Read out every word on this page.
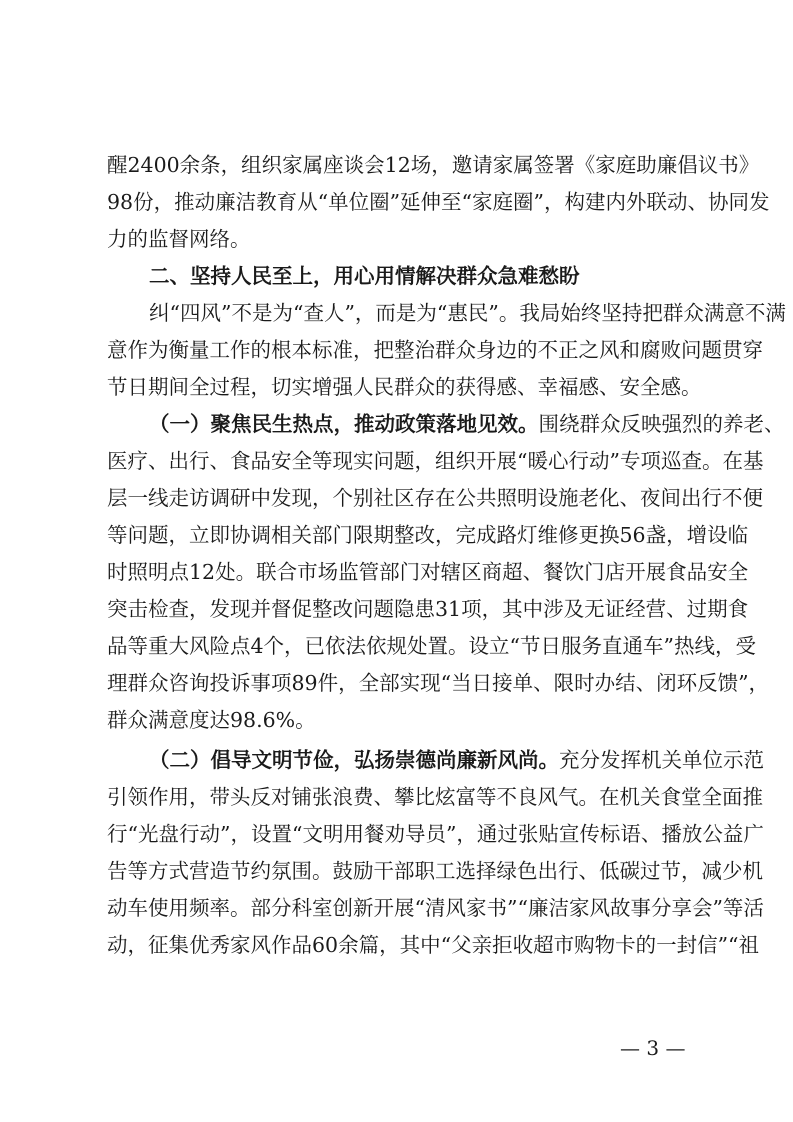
醒2400余条，组织家属座谈会12场，邀请家属签署《家庭助廉倡议书》
98份，推动廉洁教育从“单位圈”延伸至“家庭圈”，构建内外联动、协同发
力的监督网络。
二、坚持人民至上，用心用情解决群众急难愁盼
纠“四风”不是为“查人”，而是为“惠民”。我局始终坚持把群众满意不满
意作为衡量工作的根本标准，把整治群众身边的不正之风和腐败问题贯穿
节日期间全过程，切实增强人民群众的获得感、幸福感、安全感。
（一）聚焦民生热点，推动政策落地见效。围绕群众反映强烈的养老、
医疗、出行、食品安全等现实问题，组织开展“暖心行动”专项巡查。在基
层一线走访调研中发现，个别社区存在公共照明设施老化、夜间出行不便
等问题，立即协调相关部门限期整改，完成路灯维修更换56盏，增设临
时照明点12处。联合市场监管部门对辖区商超、餐饮门店开展食品安全
突击检查，发现并督促整改问题隐患31项，其中涉及无证经营、过期食
品等重大风险点4个，已依法依规处置。设立“节日服务直通车”热线，受
理群众咨询投诉事项89件，全部实现“当日接单、限时办结、闭环反馈”，
群众满意度达98.6%。
（二）倡导文明节俭，弘扬崇德尚廉新风尚。充分发挥机关单位示范
引领作用，带头反对铺张浪费、攀比炫富等不良风气。在机关食堂全面推
行“光盘行动”，设置“文明用餐劝导员”，通过张贴宣传标语、播放公益广
告等方式营造节约氛围。鼓励干部职工选择绿色出行、低碳过节，减少机
动车使用频率。部分科室创新开展“清风家书”“廉洁家风故事分享会”等活
动，征集优秀家风作品60余篇，其中“父亲拒收超市购物卡的一封信”“祖
— 3 —
